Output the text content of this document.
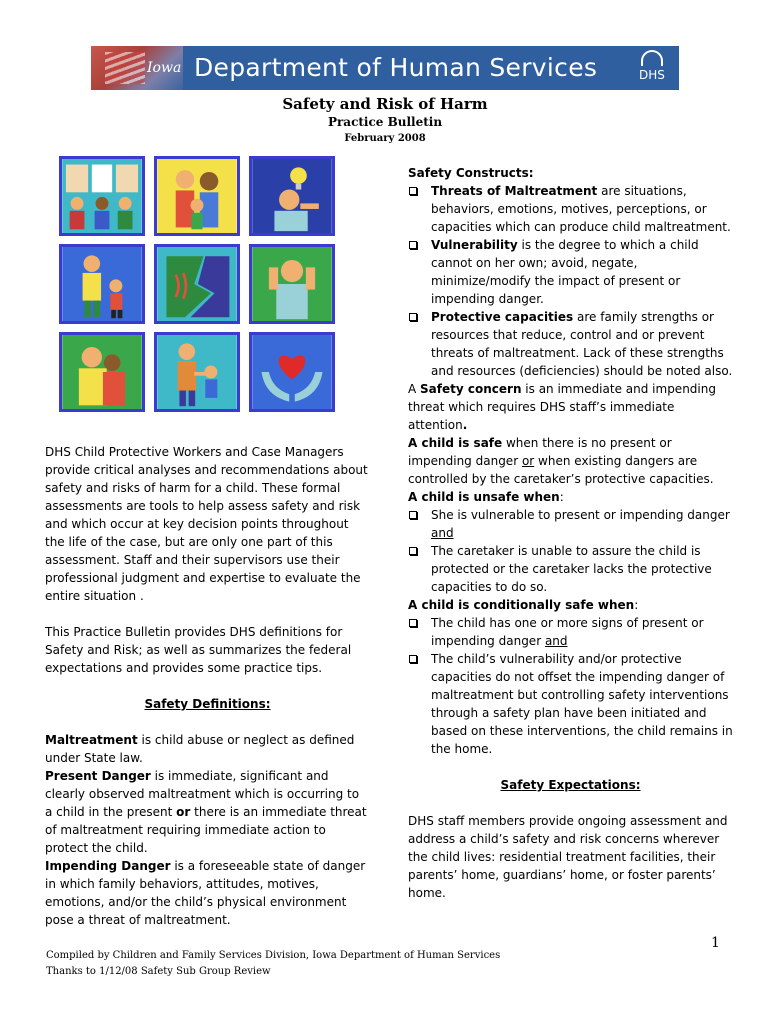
Iowa Department of Human Services	DHS
Safety and Risk of Harm
Practice Bulletin
February 2008

DHS Child Protective Workers and Case Managers provide critical analyses and recommendations about safety and risks of harm for a child. These formal assessments are tools to help assess safety and risk and which occur at key decision points throughout the life of the case, but are only one part of this assessment. Staff and their supervisors use their professional judgment and expertise to evaluate the entire situation .

This Practice Bulletin provides DHS definitions for Safety and Risk; as well as summarizes the federal expectations and provides some practice tips.

Safety Definitions:

Maltreatment is child abuse or neglect as defined under State law.

Present Danger is immediate, significant and clearly observed maltreatment which is occurring to a child in the present or there is an immediate threat of maltreatment requiring immediate action to protect the child.

Impending Danger is a foreseeable state of danger in which family behaviors, attitudes, motives, emotions, and/or the child’s physical environment pose a threat of maltreatment.

Safety Constructs:

Threats of Maltreatment are situations, behaviors, emotions, motives, perceptions, or capacities which can produce child maltreatment.
Vulnerability is the degree to which a child cannot on her own; avoid, negate, minimize/modify the impact of present or impending danger.
Protective capacities are family strengths or resources that reduce, control and or prevent threats of maltreatment. Lack of these strengths and resources (deficiencies) should be noted also.

A Safety concern is an immediate and impending threat which requires DHS staff’s immediate attention.

A child is safe when there is no present or impending danger or when existing dangers are controlled by the caretaker’s protective capacities.

A child is unsafe when:

She is vulnerable to present or impending danger and
The caretaker is unable to assure the child is protected or the caretaker lacks the protective capacities to do so.

A child is conditionally safe when:

The child has one or more signs of present or impending danger and
The child’s vulnerability and/or protective capacities do not offset the impending danger of maltreatment but controlling safety interventions through a safety plan have been initiated and based on these interventions, the child remains in the home.

Safety Expectations:

DHS staff members provide ongoing assessment and address a child’s safety and risk concerns wherever the child lives: residential treatment facilities, their parents’ home, guardians’ home, or foster parents’ home.

1
Compiled by Children and Family Services Division, Iowa Department of Human Services
Thanks to 1/12/08 Safety Sub Group Review
